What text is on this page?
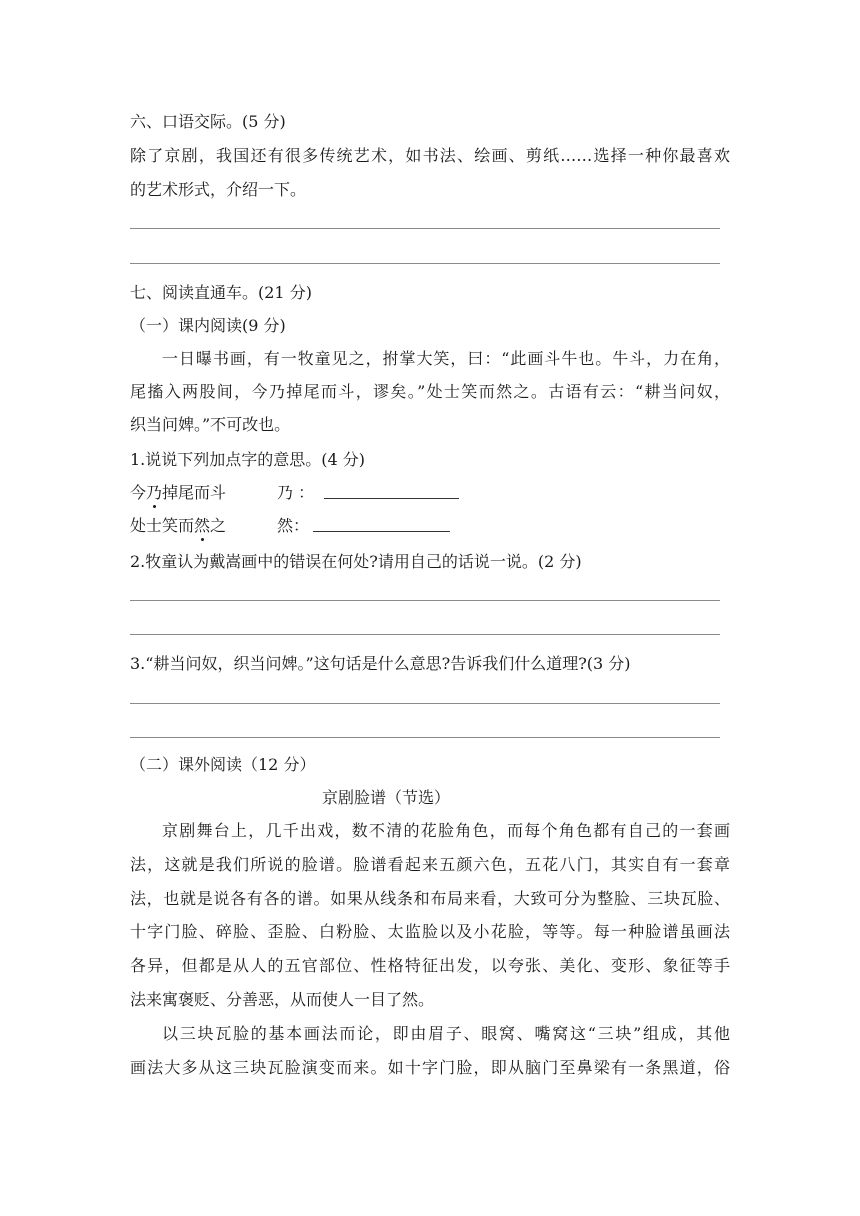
六、口语交际。(5 分)
除了京剧，我国还有很多传统艺术，如书法、绘画、剪纸……选择一种你最喜欢
的艺术形式，介绍一下。
七、阅读直通车。(21 分)
（一）课内阅读(9 分)
一日曝书画，有一牧童见之，拊掌大笑，曰：“此画斗牛也。牛斗，力在角，
尾搐入两股间，今乃掉尾而斗，谬矣。”处士笑而然之。古语有云：“耕当问奴，
织当问婢。”不可改也。
1.说说下列加点字的意思。(4 分)
今乃掉尾而斗	乃 ：
处士笑而然之	然：
2.牧童认为戴嵩画中的错误在何处?请用自己的话说一说。(2 分)
3.“耕当问奴，织当问婢。”这句话是什么意思?告诉我们什么道理?(3 分)
（二）课外阅读（12 分）
京剧脸谱（节选）
京剧舞台上，几千出戏，数不清的花脸角色，而每个角色都有自己的一套画
法，这就是我们所说的脸谱。脸谱看起来五颜六色，五花八门，其实自有一套章
法，也就是说各有各的谱。如果从线条和布局来看，大致可分为整脸、三块瓦脸、
十字门脸、碎脸、歪脸、白粉脸、太监脸以及小花脸，等等。每一种脸谱虽画法
各异，但都是从人的五官部位、性格特征出发，以夸张、美化、变形、象征等手
法来寓褒贬、分善恶，从而使人一目了然。
以三块瓦脸的基本画法而论，即由眉子、眼窝、嘴窝这“三块”组成，其他
画法大多从这三块瓦脸演变而来。如十字门脸，即从脑门至鼻梁有一条黑道，俗
